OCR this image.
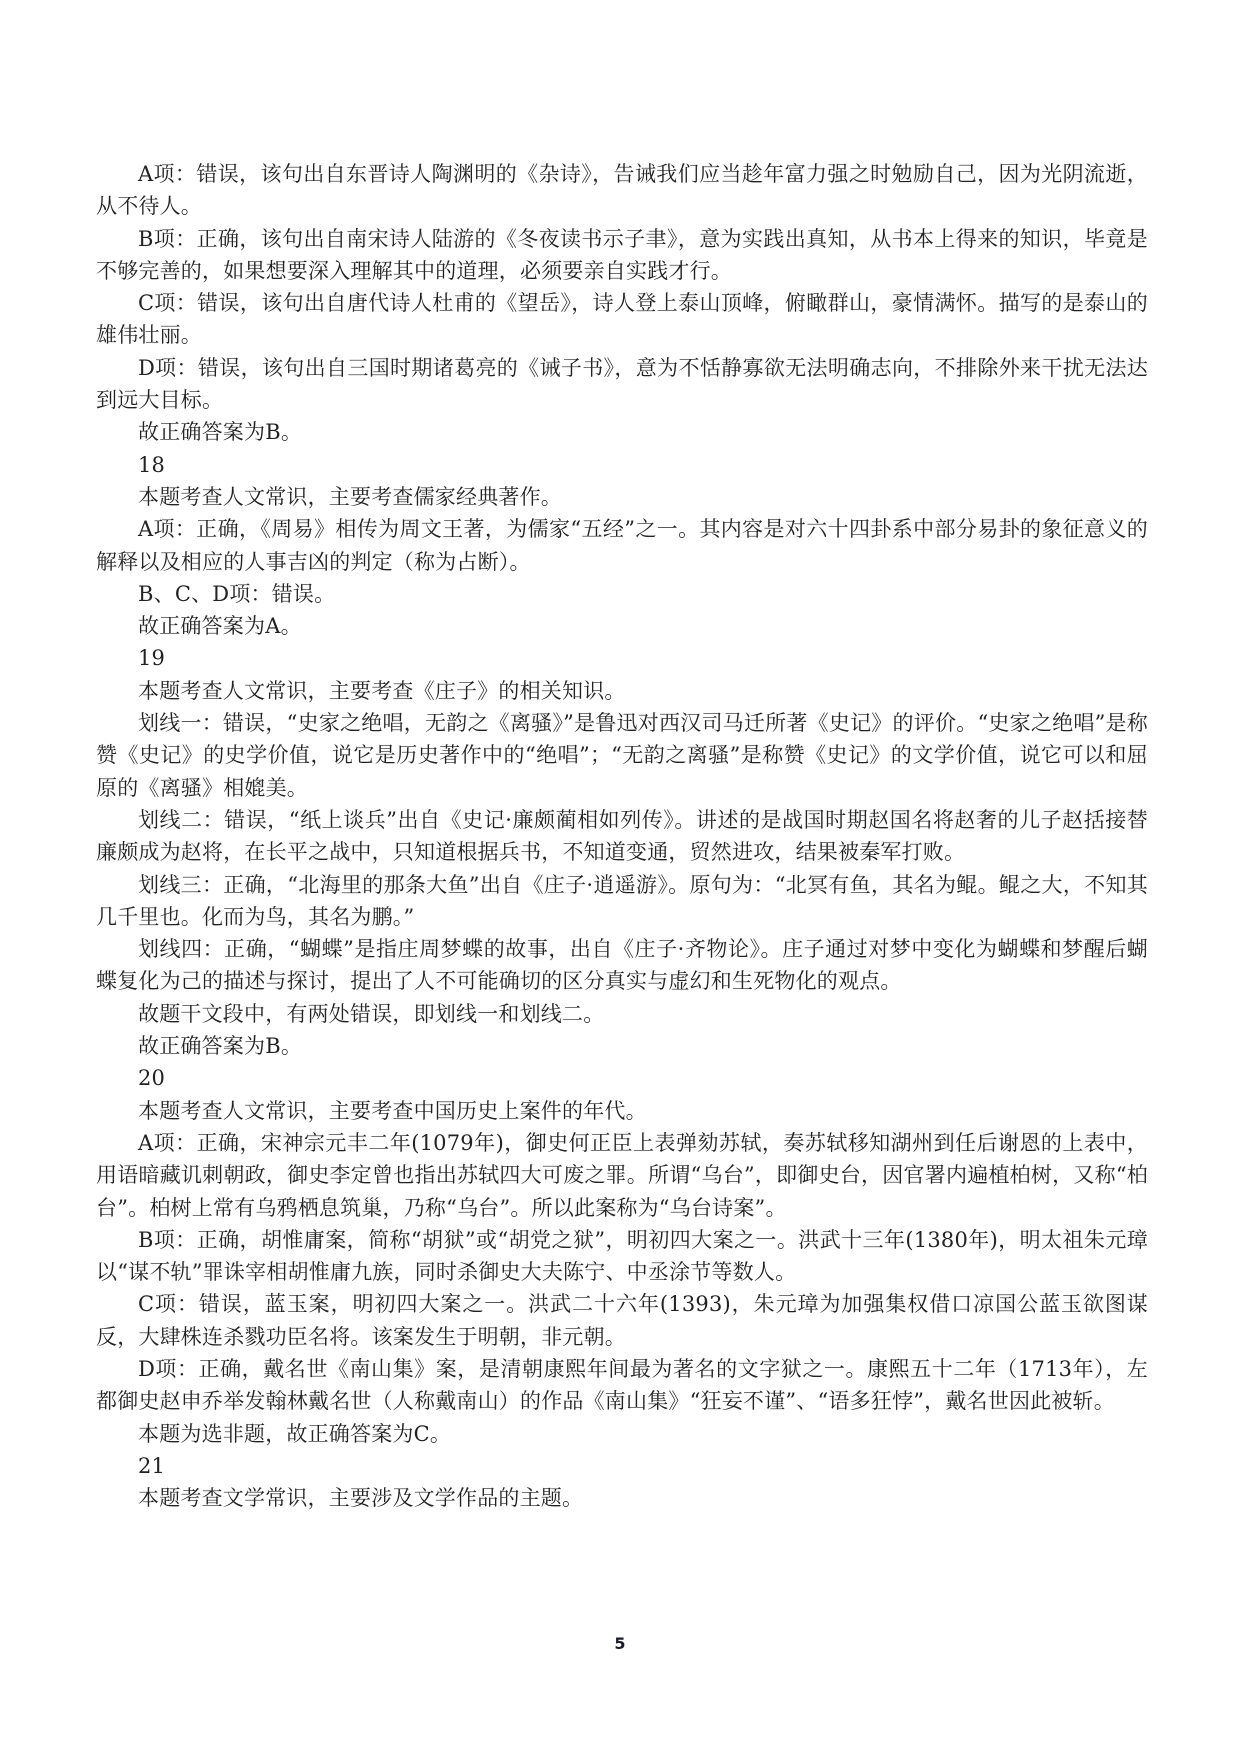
A项：错误，该句出自东晋诗人陶渊明的《杂诗》，告诫我们应当趁年富力强之时勉励自己，因为光阴流逝，从不待人。

B项：正确，该句出自南宋诗人陆游的《冬夜读书示子聿》，意为实践出真知，从书本上得来的知识，毕竟是不够完善的，如果想要深入理解其中的道理，必须要亲自实践才行。

C项：错误，该句出自唐代诗人杜甫的《望岳》，诗人登上泰山顶峰，俯瞰群山，豪情满怀。描写的是泰山的雄伟壮丽。

D项：错误，该句出自三国时期诸葛亮的《诫子书》，意为不恬静寡欲无法明确志向，不排除外来干扰无法达到远大目标。

故正确答案为B。

18

本题考查人文常识，主要考查儒家经典著作。

A项：正确，《周易》相传为周文王著，为儒家“五经”之一。其内容是对六十四卦系中部分易卦的象征意义的解释以及相应的人事吉凶的判定（称为占断）。

B、C、D项：错误。

故正确答案为A。

19

本题考查人文常识，主要考查《庄子》的相关知识。

划线一：错误，“史家之绝唱，无韵之《离骚》”是鲁迅对西汉司马迁所著《史记》的评价。“史家之绝唱”是称赞《史记》的史学价值，说它是历史著作中的“绝唱”；“无韵之离骚”是称赞《史记》的文学价值，说它可以和屈原的《离骚》相媲美。

划线二：错误，“纸上谈兵”出自《史记·廉颇蔺相如列传》。讲述的是战国时期赵国名将赵奢的儿子赵括接替廉颇成为赵将，在长平之战中，只知道根据兵书，不知道变通，贸然进攻，结果被秦军打败。

划线三：正确，“北海里的那条大鱼”出自《庄子·逍遥游》。原句为：“北冥有鱼，其名为鲲。鲲之大，不知其几千里也。化而为鸟，其名为鹏。”

划线四：正确，“蝴蝶”是指庄周梦蝶的故事，出自《庄子·齐物论》。庄子通过对梦中变化为蝴蝶和梦醒后蝴蝶复化为己的描述与探讨，提出了人不可能确切的区分真实与虚幻和生死物化的观点。

故题干文段中，有两处错误，即划线一和划线二。

故正确答案为B。

20

本题考查人文常识，主要考查中国历史上案件的年代。

A项：正确，宋神宗元丰二年(1079年)，御史何正臣上表弹劾苏轼，奏苏轼移知湖州到任后谢恩的上表中，用语暗藏讥刺朝政，御史李定曾也指出苏轼四大可废之罪。所谓“乌台”，即御史台，因官署内遍植柏树，又称“柏台”。柏树上常有乌鸦栖息筑巢，乃称“乌台”。所以此案称为“乌台诗案”。

B项：正确，胡惟庸案，简称“胡狱”或“胡党之狱”，明初四大案之一。洪武十三年(1380年)，明太祖朱元璋以“谋不轨”罪诛宰相胡惟庸九族，同时杀御史大夫陈宁、中丞涂节等数人。

C项：错误，蓝玉案，明初四大案之一。洪武二十六年(1393)，朱元璋为加强集权借口凉国公蓝玉欲图谋反，大肆株连杀戮功臣名将。该案发生于明朝，非元朝。

D项：正确，戴名世《南山集》案，是清朝康熙年间最为著名的文字狱之一。康熙五十二年（1713年），左都御史赵申乔举发翰林戴名世（人称戴南山）的作品《南山集》“狂妄不谨”、“语多狂悖”，戴名世因此被斩。

本题为选非题，故正确答案为C。

21

本题考查文学常识，主要涉及文学作品的主题。

5
